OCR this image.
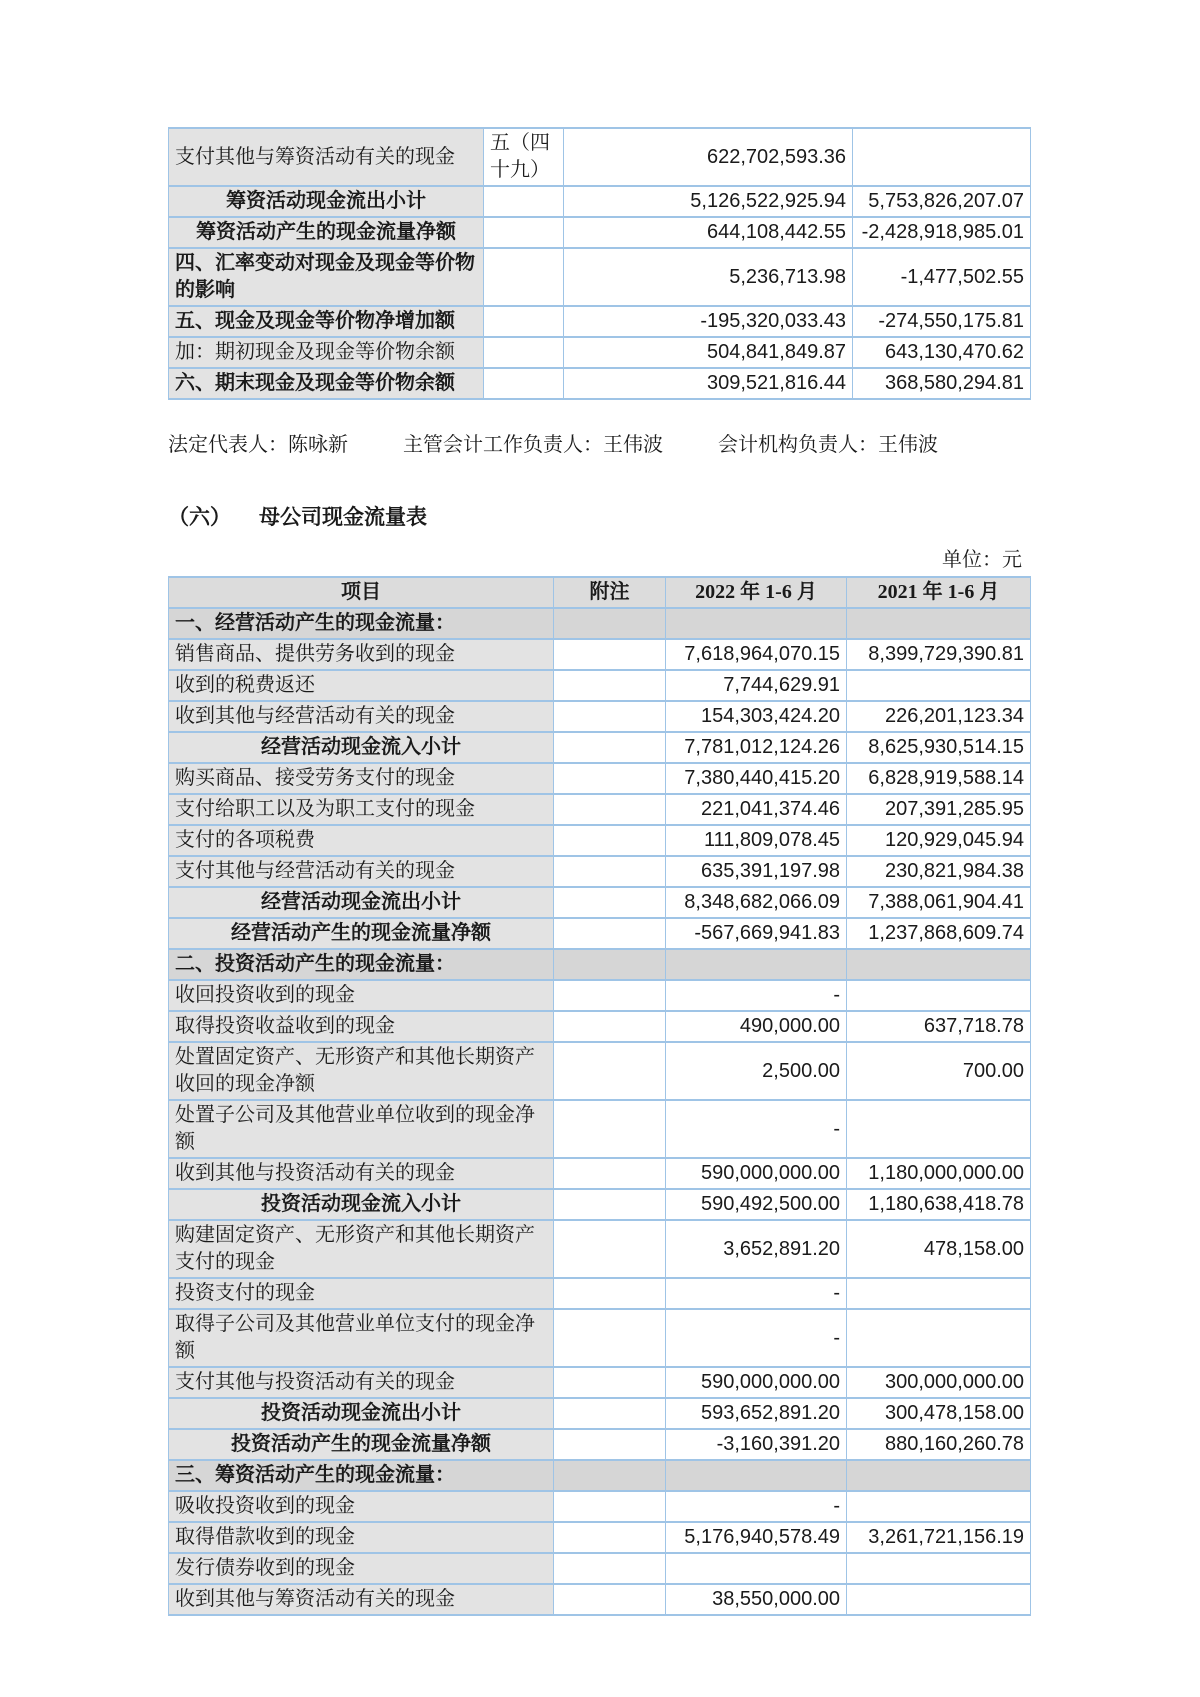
支付其他与筹资活动有关的现金	五（四十九）	622,702,593.36	
筹资活动现金流出小计		5,126,522,925.94	5,753,826,207.07
筹资活动产生的现金流量净额		644,108,442.55	-2,428,918,985.01
四、汇率变动对现金及现金等价物的影响		5,236,713.98	-1,477,502.55
五、现金及现金等价物净增加额		-195,320,033.43	-274,550,175.81
加：期初现金及现金等价物余额		504,841,849.87	643,130,470.62
六、期末现金及现金等价物余额		309,521,816.44	368,580,294.81
法定代表人：陈咏新	主管会计工作负责人：王伟波	会计机构负责人：王伟波
（六） 母公司现金流量表
单位：元
项目	附注	2022 年 1-6 月	2021 年 1-6 月
一、经营活动产生的现金流量：			
销售商品、提供劳务收到的现金		7,618,964,070.15	8,399,729,390.81
收到的税费返还		7,744,629.91	
收到其他与经营活动有关的现金		154,303,424.20	226,201,123.34
经营活动现金流入小计		7,781,012,124.26	8,625,930,514.15
购买商品、接受劳务支付的现金		7,380,440,415.20	6,828,919,588.14
支付给职工以及为职工支付的现金		221,041,374.46	207,391,285.95
支付的各项税费		111,809,078.45	120,929,045.94
支付其他与经营活动有关的现金		635,391,197.98	230,821,984.38
经营活动现金流出小计		8,348,682,066.09	7,388,061,904.41
经营活动产生的现金流量净额		-567,669,941.83	1,237,868,609.74
二、投资活动产生的现金流量：			
收回投资收到的现金		-	
取得投资收益收到的现金		490,000.00	637,718.78
处置固定资产、无形资产和其他长期资产收回的现金净额		2,500.00	700.00
处置子公司及其他营业单位收到的现金净额		-	
收到其他与投资活动有关的现金		590,000,000.00	1,180,000,000.00
投资活动现金流入小计		590,492,500.00	1,180,638,418.78
购建固定资产、无形资产和其他长期资产支付的现金		3,652,891.20	478,158.00
投资支付的现金		-	
取得子公司及其他营业单位支付的现金净额		-	
支付其他与投资活动有关的现金		590,000,000.00	300,000,000.00
投资活动现金流出小计		593,652,891.20	300,478,158.00
投资活动产生的现金流量净额		-3,160,391.20	880,160,260.78
三、筹资活动产生的现金流量：			
吸收投资收到的现金		-	
取得借款收到的现金		5,176,940,578.49	3,261,721,156.19
发行债券收到的现金			
收到其他与筹资活动有关的现金		38,550,000.00	
